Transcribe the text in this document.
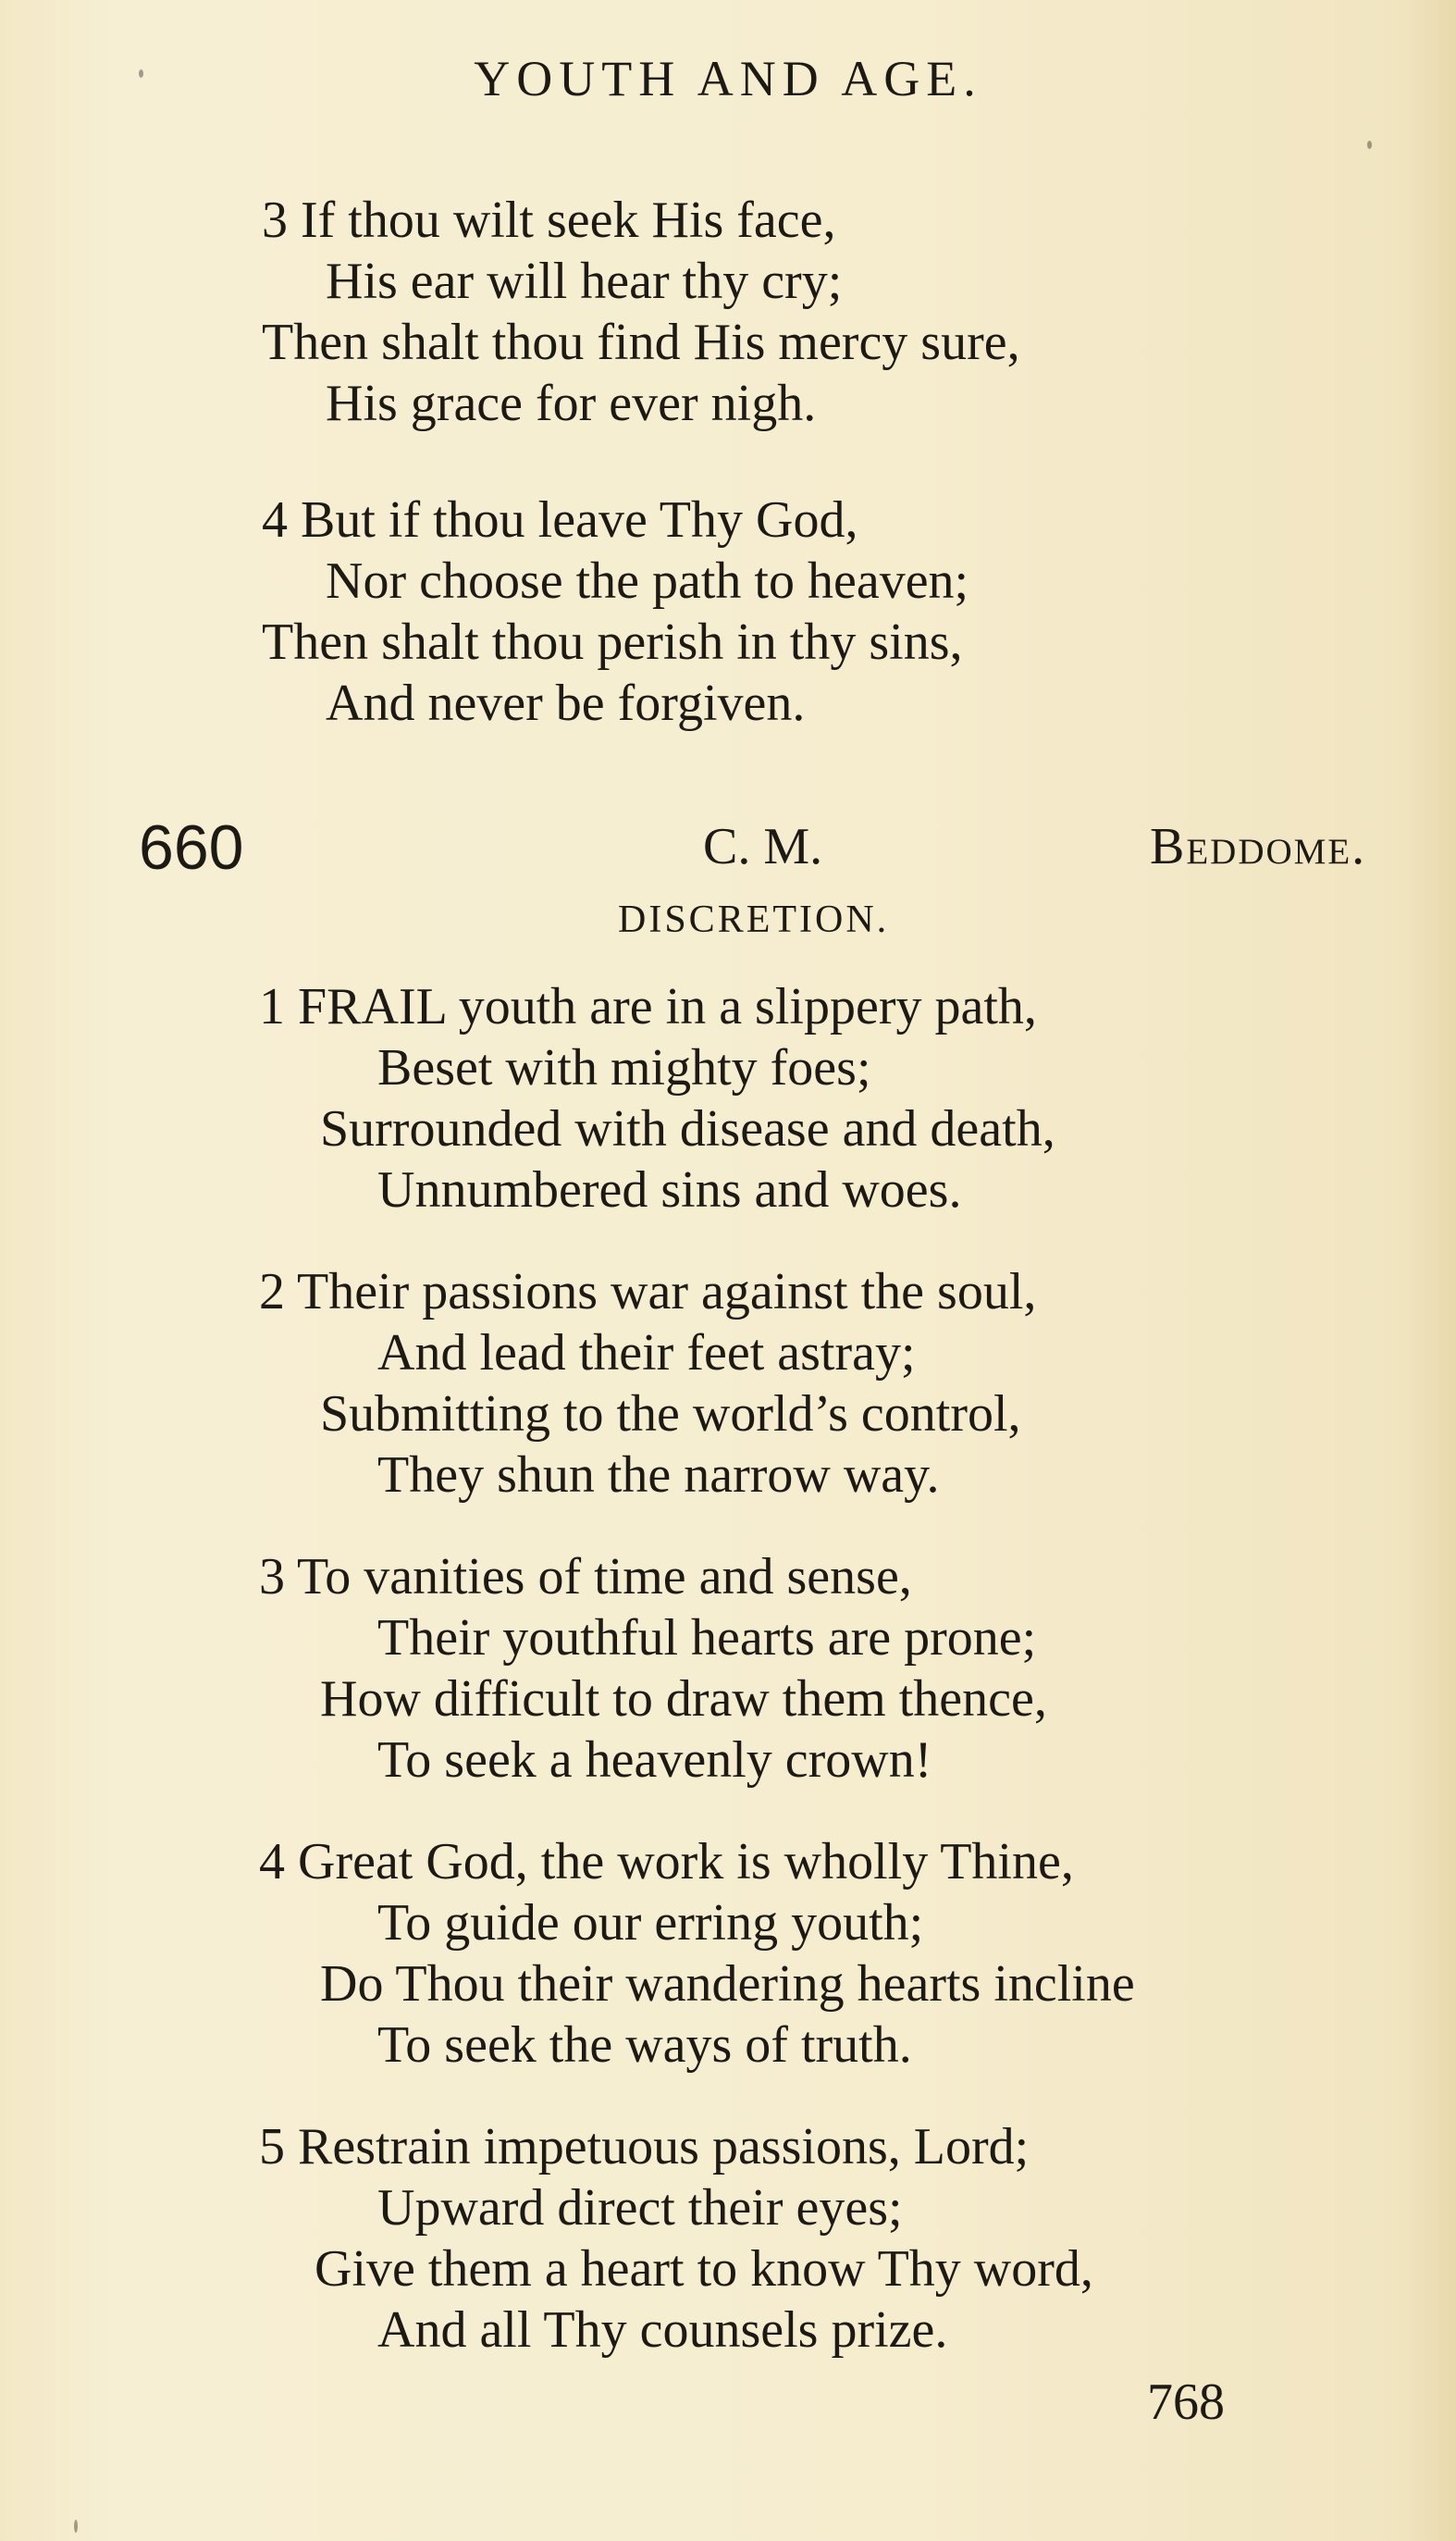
YOUTH AND AGE.
3 If thou wilt seek His face,
His ear will hear thy cry;
Then shalt thou find His mercy sure,
His grace for ever nigh.
4 But if thou leave Thy God,
Nor choose the path to heaven;
Then shalt thou perish in thy sins,
And never be forgiven.
660	C. M.	Beddome.
DISCRETION.
1 FRAIL youth are in a slippery path,
Beset with mighty foes;
Surrounded with disease and death,
Unnumbered sins and woes.
2 Their passions war against the soul,
And lead their feet astray;
Submitting to the world’s control,
They shun the narrow way.
3 To vanities of time and sense,
Their youthful hearts are prone;
How difficult to draw them thence,
To seek a heavenly crown!
4 Great God, the work is wholly Thine,
To guide our erring youth;
Do Thou their wandering hearts incline
To seek the ways of truth.
5 Restrain impetuous passions, Lord;
Upward direct their eyes;
Give them a heart to know Thy word,
And all Thy counsels prize.
768
